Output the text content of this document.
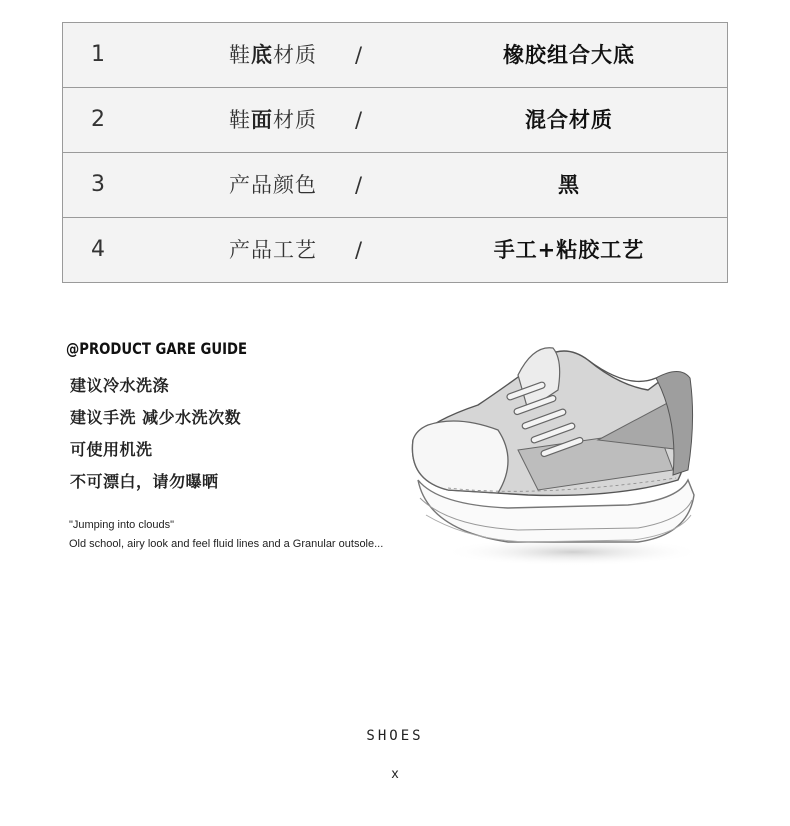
1	鞋底材质 /	橡胶组合大底
2	鞋面材质 /	混合材质
3	产品颜色 /	黑
4	产品工艺 /	手工+粘胶工艺
@PRODUCT GARE GUIDE
建议冷水洗涤
建议手洗 减少水洗次数
可使用机洗
不可漂白，请勿曝晒
"Jumping into clouds"
Old school, airy look and feel fluid lines and a Granular outsole...
SHOES
x
